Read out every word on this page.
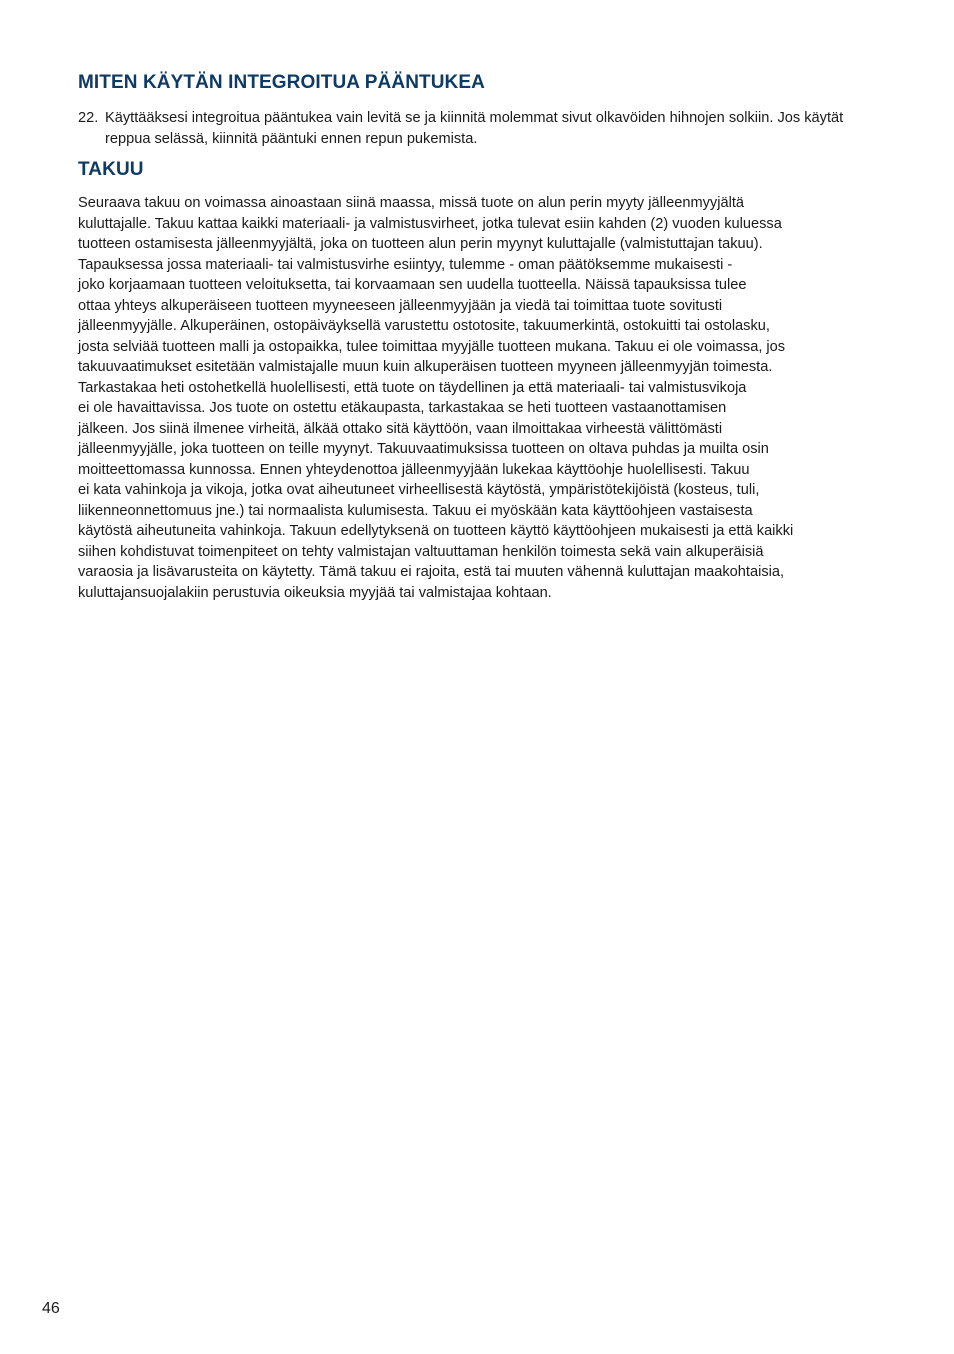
MITEN KÄYTÄN INTEGROITUA PÄÄNTUKEA
22. Käyttääksesi integroitua pääntukea vain levitä se ja kiinnitä molemmat sivut olkavöiden hihnojen solkiin. Jos käytät reppua selässä, kiinnitä pääntuki ennen repun pukemista.
TAKUU
Seuraava takuu on voimassa ainoastaan siinä maassa, missä tuote on alun perin myyty jälleenmyyjältä
kuluttajalle. Takuu kattaa kaikki materiaali- ja valmistusvirheet, jotka tulevat esiin kahden (2) vuoden kuluessa
tuotteen ostamisesta jälleenmyyjältä, joka on tuotteen alun perin myynyt kuluttajalle (valmistuttajan takuu).
Tapauksessa jossa materiaali- tai valmistusvirhe esiintyy, tulemme - oman päätöksemme mukaisesti -
joko korjaamaan tuotteen veloituksetta, tai korvaamaan sen uudella tuotteella. Näissä tapauksissa tulee
ottaa yhteys alkuperäiseen tuotteen myyneeseen jälleenmyyjään ja viedä tai toimittaa tuote sovitusti
jälleenmyyjälle. Alkuperäinen, ostopäiväyksellä varustettu ostotosite, takuumerkintä, ostokuitti tai ostolasku,
josta selviää tuotteen malli ja ostopaikka, tulee toimittaa myyjälle tuotteen mukana. Takuu ei ole voimassa, jos
takuuvaatimukset esitetään valmistajalle muun kuin alkuperäisen tuotteen myyneen jälleenmyyjän toimesta.
Tarkastakaa heti ostohetkellä huolellisesti, että tuote on täydellinen ja että materiaali- tai valmistusvikoja
ei ole havaittavissa. Jos tuote on ostettu etäkaupasta, tarkastakaa se heti tuotteen vastaanottamisen
jälkeen. Jos siinä ilmenee virheitä, älkää ottako sitä käyttöön, vaan ilmoittakaa virheestä välittömästi
jälleenmyyjälle, joka tuotteen on teille myynyt. Takuuvaatimuksissa tuotteen on oltava puhdas ja muilta osin
moitteettomassa kunnossa. Ennen yhteydenottoa jälleenmyyjään lukekaa käyttöohje huolellisesti. Takuu
ei kata vahinkoja ja vikoja, jotka ovat aiheutuneet virheellisestä käytöstä, ympäristötekijöistä (kosteus, tuli,
liikenneonnettomuus jne.) tai normaalista kulumisesta. Takuu ei myöskään kata käyttöohjeen vastaisesta
käytöstä aiheutuneita vahinkoja. Takuun edellytyksenä on tuotteen käyttö käyttöohjeen mukaisesti ja että kaikki
siihen kohdistuvat toimenpiteet on tehty valmistajan valtuuttaman henkilön toimesta sekä vain alkuperäisiä
varaosia ja lisävarusteita on käytetty. Tämä takuu ei rajoita, estä tai muuten vähennä kuluttajan maakohtaisia,
kuluttajansuojalakiin perustuvia oikeuksia myyjää tai valmistajaa kohtaan.
46
